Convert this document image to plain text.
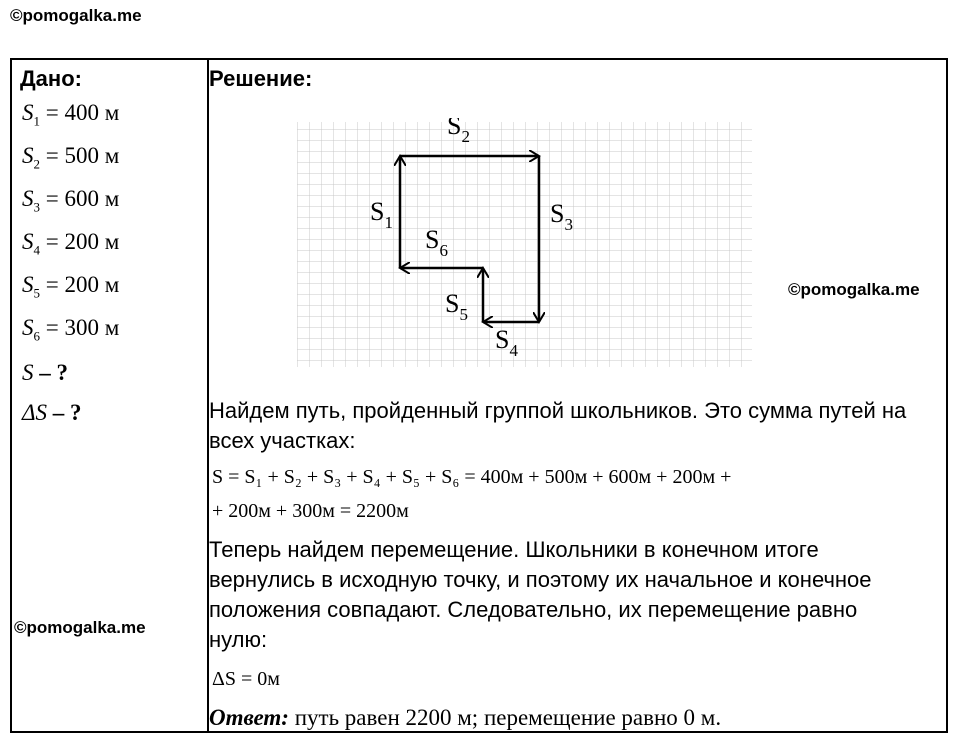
©pomogalka.me
©pomogalka.me
©pomogalka.me
Дано:
$S_1 = 400$ м
$S_2 = 500$ м
$S_3 = 600$ м
$S_4 = 200$ м
$S_5 = 200$ м
$S_6 = 300$ м
S – ?
ΔS – ?
Решение:
Найдем путь, пройденный группой школьников. Это сумма путей на всех участках:
S = S₁ + S₂ + S₃ + S₄ + S₅ + S₆ = 400м + 500м + 600м + 200м +
+ 200м + 300м = 2200м
Теперь найдем перемещение. Школьники в конечном итоге вернулись в исходную точку, и поэтому их начальное и конечное положения совпадают. Следовательно, их перемещение равно нулю:
ΔS = 0м
Ответ: путь равен 2200 м; перемещение равно 0 м.
$S_2$
$S_1$	$S_3$
$S_6$
$S_5$
$S_4$
